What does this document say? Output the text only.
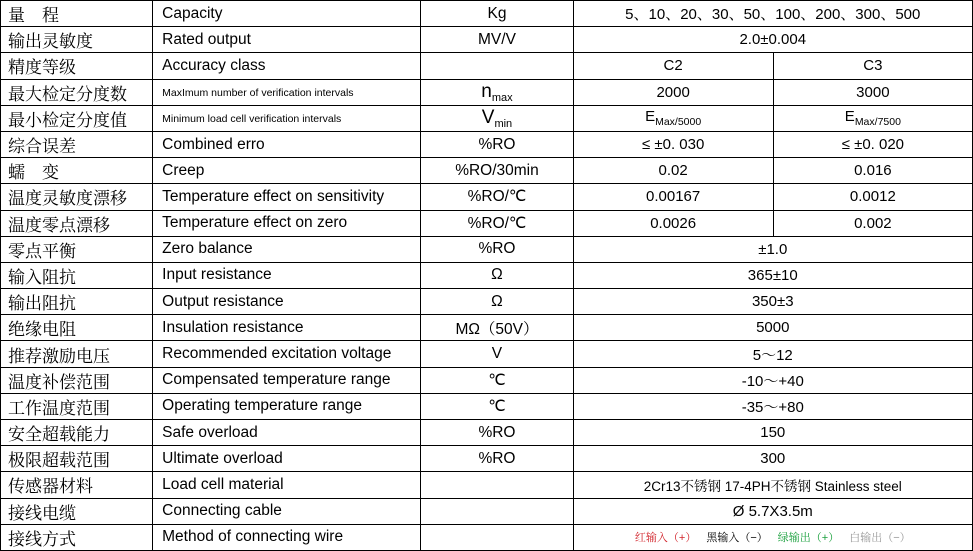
量　程	Capacity	Kg	5、10、20、30、50、100、200、300、500	
输出灵敏度	Rated output	MV/V	2.0±0.004	
精度等级	Accuracy class		C2	C3
最大检定分度数	MaxImum number of verification intervals	$n_{max}$	2000	3000
最小检定分度值	Minimum load cell verification intervals	$V_{min}$	$E_{Max/5000}$	$E_{Max/7500}$
综合误差	Combined erro	%RO	≤ ±0. 030	≤ ±0. 020
蠕　变	Creep	%RO/30min	0.02	0.016
温度灵敏度漂移	Temperature effect on sensitivity	%RO/℃	0.00167	0.0012
温度零点漂移	Temperature effect on zero	%RO/℃	0.0026	0.002
零点平衡	Zero balance	%RO	±1.0	
输入阻抗	Input resistance	Ω	365±10	
输出阻抗	Output resistance	Ω	350±3	
绝缘电阻	Insulation resistance	MΩ（50V）	5000	
推荐激励电压	Recommended excitation voltage	V	5～12	
温度补偿范围	Compensated temperature range	℃	-10～+40	
工作温度范围	Operating temperature range	℃	-35～+80	
安全超载能力	Safe overload	%RO	150	
极限超载范围	Ultimate overload	%RO	300	
传感器材料	Load cell material		2Cr13不锈钢 17-4PH不锈钢 Stainless steel	
接线电缆	Connecting cable		Ø 5.7X3.5m	
接线方式	Method of connecting wire		红输入（+） 黑输入（−） 绿输出（+） 白输出（−）	
